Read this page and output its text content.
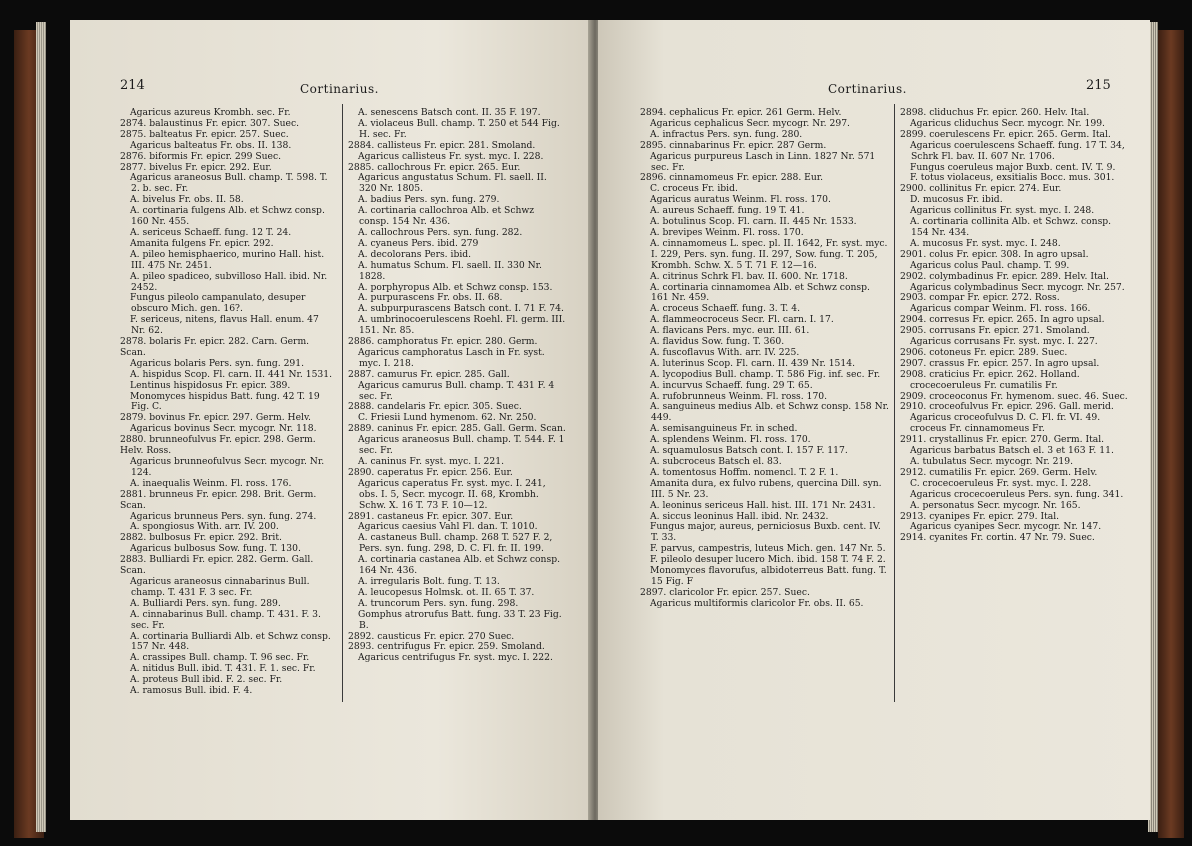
214	Cortinarius.
Agaricus azureus Krombh. sec. Fr.
2874. balaustinus Fr. epicr. 307. Suec.
2875. balteatus Fr. epicr. 257. Suec.
Agaricus balteatus Fr. obs. II. 138.
2876. biformis Fr. epicr. 299 Suec.
2877. bivelus Fr. epicr. 292. Eur.
Agaricus araneosus Bull. champ. T. 598. T. 2. b. sec. Fr.
A. bivelus Fr. obs. II. 58.
A. cortinaria fulgens Alb. et Schwz consp. 160 Nr. 455.
A. sericeus Schaeff. fung. 12 T. 24.
Amanita fulgens Fr. epicr. 292.
A. pileo hemisphaerico, murino Hall. hist. III. 475 Nr. 2451.
A. pileo spadiceo, subvilloso Hall. ibid. Nr. 2452.
Fungus pileolo campanulato, desuper obscuro Mich. gen. 16?.
F. sericeus, nitens, flavus Hall. enum. 47 Nr. 62.
2878. bolaris Fr. epicr. 282. Carn. Germ. Scan.
Agaricus bolaris Pers. syn. fung. 291.
A. hispidus Scop. Fl. carn. II. 441 Nr. 1531.
Lentinus hispidosus Fr. epicr. 389.
Monomyces hispidus Batt. fung. 42 T. 19 Fig. C.
2879. bovinus Fr. epicr. 297. Germ. Helv.
Agaricus bovinus Secr. mycogr. Nr. 118.
2880. brunneofulvus Fr. epicr. 298. Germ. Helv. Ross.
Agaricus brunneofulvus Secr. mycogr. Nr. 124.
A. inaequalis Weinm. Fl. ross. 176.
2881. brunneus Fr. epicr. 298. Brit. Germ. Scan.
Agaricus brunneus Pers. syn. fung. 274.
A. spongiosus With. arr. IV. 200.
2882. bulbosus Fr. epicr. 292. Brit.
Agaricus bulbosus Sow. fung. T. 130.
2883. Bulliardi Fr. epicr. 282. Germ. Gall. Scan.
Agaricus araneosus cinnabarinus Bull. champ. T. 431 F. 3 sec. Fr.
A. Bulliardi Pers. syn. fung. 289.
A. cinnabarinus Bull. champ. T. 431. F. 3. sec. Fr.
A. cortinaria Bulliardi Alb. et Schwz consp. 157 Nr. 448.
A. crassipes Bull. champ. T. 96 sec. Fr.
A. nitidus Bull. ibid. T. 431. F. 1. sec. Fr.
A. proteus Bull ibid. F. 2. sec. Fr.
A. ramosus Bull. ibid. F. 4.
A. senescens Batsch cont. II. 35 F. 197.
A. violaceus Bull. champ. T. 250 et 544 Fig. H. sec. Fr.
2884. callisteus Fr. epicr. 281. Smoland.
Agaricus callisteus Fr. syst. myc. I. 228.
2885. callochrous Fr. epicr. 265. Eur.
Agaricus angustatus Schum. Fl. saell. II. 320 Nr. 1805.
A. badius Pers. syn. fung. 279.
A. cortinaria callochroa Alb. et Schwz consp. 154 Nr. 436.
A. callochrous Pers. syn. fung. 282.
A. cyaneus Pers. ibid. 279
A. decolorans Pers. ibid.
A. humatus Schum. Fl. saell. II. 330 Nr. 1828.
A. porphyropus Alb. et Schwz consp. 153.
A. purpurascens Fr. obs. II. 68.
A. subpurpurascens Batsch cont. I. 71 F. 74.
A. umbrinocoerulescens Roehl. Fl. germ. III. 151. Nr. 85.
2886. camphoratus Fr. epicr. 280. Germ.
Agaricus camphoratus Lasch in Fr. syst. myc. I. 218.
2887. camurus Fr. epicr. 285. Gall.
Agaricus camurus Bull. champ. T. 431 F. 4 sec. Fr.
2888. candelaris Fr. epicr. 305. Suec.
C. Friesii Lund hymenom. 62. Nr. 250.
2889. caninus Fr. epicr. 285. Gall. Germ. Scan.
Agaricus araneosus Bull. champ. T. 544. F. 1 sec. Fr.
A. caninus Fr. syst. myc. I. 221.
2890. caperatus Fr. epicr. 256. Eur.
Agaricus caperatus Fr. syst. myc. I. 241, obs. I. 5, Secr. mycogr. II. 68, Krombh. Schw. X. 16 T. 73 F. 10—12.
2891. castaneus Fr. epicr. 307. Eur.
Agaricus caesius Vahl Fl. dan. T. 1010.
A. castaneus Bull. champ. 268 T. 527 F. 2, Pers. syn. fung. 298, D. C. Fl. fr. II. 199.
A. cortinaria castanea Alb. et Schwz consp. 164 Nr. 436.
A. irregularis Bolt. fung. T. 13.
A. leucopesus Holmsk. ot. II. 65 T. 37.
A. truncorum Pers. syn. fung. 298.
Gomphus atrorufus Batt. fung. 33 T. 23 Fig. B.
2892. causticus Fr. epicr. 270 Suec.
2893. centrifugus Fr. epicr. 259. Smoland.
Agaricus centrifugus Fr. syst. myc. I. 222.
Cortinarius.	215
2894. cephalicus Fr. epicr. 261 Germ. Helv.
Agaricus cephalicus Secr. mycogr. Nr. 297.
A. infractus Pers. syn. fung. 280.
2895. cinnabarinus Fr. epicr. 287 Germ.
Agaricus purpureus Lasch in Linn. 1827 Nr. 571 sec. Fr.
2896. cinnamomeus Fr. epicr. 288. Eur.
C. croceus Fr. ibid.
Agaricus auratus Weinm. Fl. ross. 170.
A. aureus Schaeff. fung. 19 T. 41.
A. botulinus Scop. Fl. carn. II. 445 Nr. 1533.
A. brevipes Weinm. Fl. ross. 170.
A. cinnamomeus L. spec. pl. II. 1642, Fr. syst. myc. I. 229, Pers. syn. fung. II. 297, Sow. fung. T. 205, Krombh. Schw. X. 5 T. 71 F. 12—16.
A. citrinus Schrk Fl. bav. II. 600. Nr. 1718.
A. cortinaria cinnamomea Alb. et Schwz consp. 161 Nr. 459.
A. croceus Schaeff. fung. 3. T. 4.
A. flammeocroceus Secr. Fl. carn. I. 17.
A. flavicans Pers. myc. eur. III. 61.
A. flavidus Sow. fung. T. 360.
A. fuscoflavus With. arr. IV. 225.
A. luterinus Scop. Fl. carn. II. 439 Nr. 1514.
A. lycopodius Bull. champ. T. 586 Fig. inf. sec. Fr.
A. incurvus Schaeff. fung. 29 T. 65.
A. rufobrunneus Weinm. Fl. ross. 170.
A. sanguineus medius Alb. et Schwz consp. 158 Nr. 449.
A. semisanguineus Fr. in sched.
A. splendens Weinm. Fl. ross. 170.
A. squamulosus Batsch cont. I. 157 F. 117.
A. subcroceus Batsch el. 83.
A. tomentosus Hoffm. nomencl. T. 2 F. 1.
Amanita dura, ex fulvo rubens, quercina Dill. syn. III. 5 Nr. 23.
A. leoninus sericeus Hall. hist. III. 171 Nr. 2431.
A. siccus leoninus Hall. ibid. Nr. 2432.
Fungus major, aureus, perniciosus Buxb. cent. IV. T. 33.
F. parvus, campestris, luteus Mich. gen. 147 Nr. 5.
F. pileolo desuper lucero Mich. ibid. 158 T. 74 F. 2.
Monomyces flavorufus, albidoterreus Batt. fung. T. 15 Fig. F
2897. claricolor Fr. epicr. 257. Suec.
Agaricus multiformis claricolor Fr. obs. II. 65.
2898. cliduchus Fr. epicr. 260. Helv. Ital.
Agaricus cliduchus Secr. mycogr. Nr. 199.
2899. coerulescens Fr. epicr. 265. Germ. Ital.
Agaricus coerulescens Schaeff. fung. 17 T. 34, Schrk Fl. bav. II. 607 Nr. 1706.
Fungus coeruleus major Buxb. cent. IV. T. 9.
F. totus violaceus, exsitialis Bocc. mus. 301.
2900. collinitus Fr. epicr. 274. Eur.
D. mucosus Fr. ibid.
Agaricus collinitus Fr. syst. myc. I. 248.
A. cortinaria collinita Alb. et Schwz. consp. 154 Nr. 434.
A. mucosus Fr. syst. myc. I. 248.
2901. colus Fr. epicr. 308. In agro upsal.
Agaricus colus Paul. champ. T. 99.
2902. colymbadinus Fr. epicr. 289. Helv. Ital.
Agaricus colymbadinus Secr. mycogr. Nr. 257.
2903. compar Fr. epicr. 272. Ross.
Agaricus compar Weinm. Fl. ross. 166.
2904. corresus Fr. epicr. 265. In agro upsal.
2905. corrusans Fr. epicr. 271. Smoland.
Agaricus corrusans Fr. syst. myc. I. 227.
2906. cotoneus Fr. epicr. 289. Suec.
2907. crassus Fr. epicr. 257. In agro upsal.
2908. craticius Fr. epicr. 262. Holland.
crocecoeruleus Fr. cumatilis Fr.
2909. croceoconus Fr. hymenom. suec. 46. Suec.
2910. croceofulvus Fr. epicr. 296. Gall. merid.
Agaricus croceofulvus D. C. Fl. fr. VI. 49.
croceus Fr. cinnamomeus Fr.
2911. crystallinus Fr. epicr. 270. Germ. Ital.
Agaricus barbatus Batsch el. 3 et 163 F. 11.
A. tubulatus Secr. mycogr. Nr. 219.
2912. cumatilis Fr. epicr. 269. Germ. Helv.
C. crocecoeruleus Fr. syst. myc. I. 228.
Agaricus crocecoeruleus Pers. syn. fung. 341.
A. personatus Secr. mycogr. Nr. 165.
2913. cyanipes Fr. epicr. 279. Ital.
Agaricus cyanipes Secr. mycogr. Nr. 147.
2914. cyanites Fr. cortin. 47 Nr. 79. Suec.
